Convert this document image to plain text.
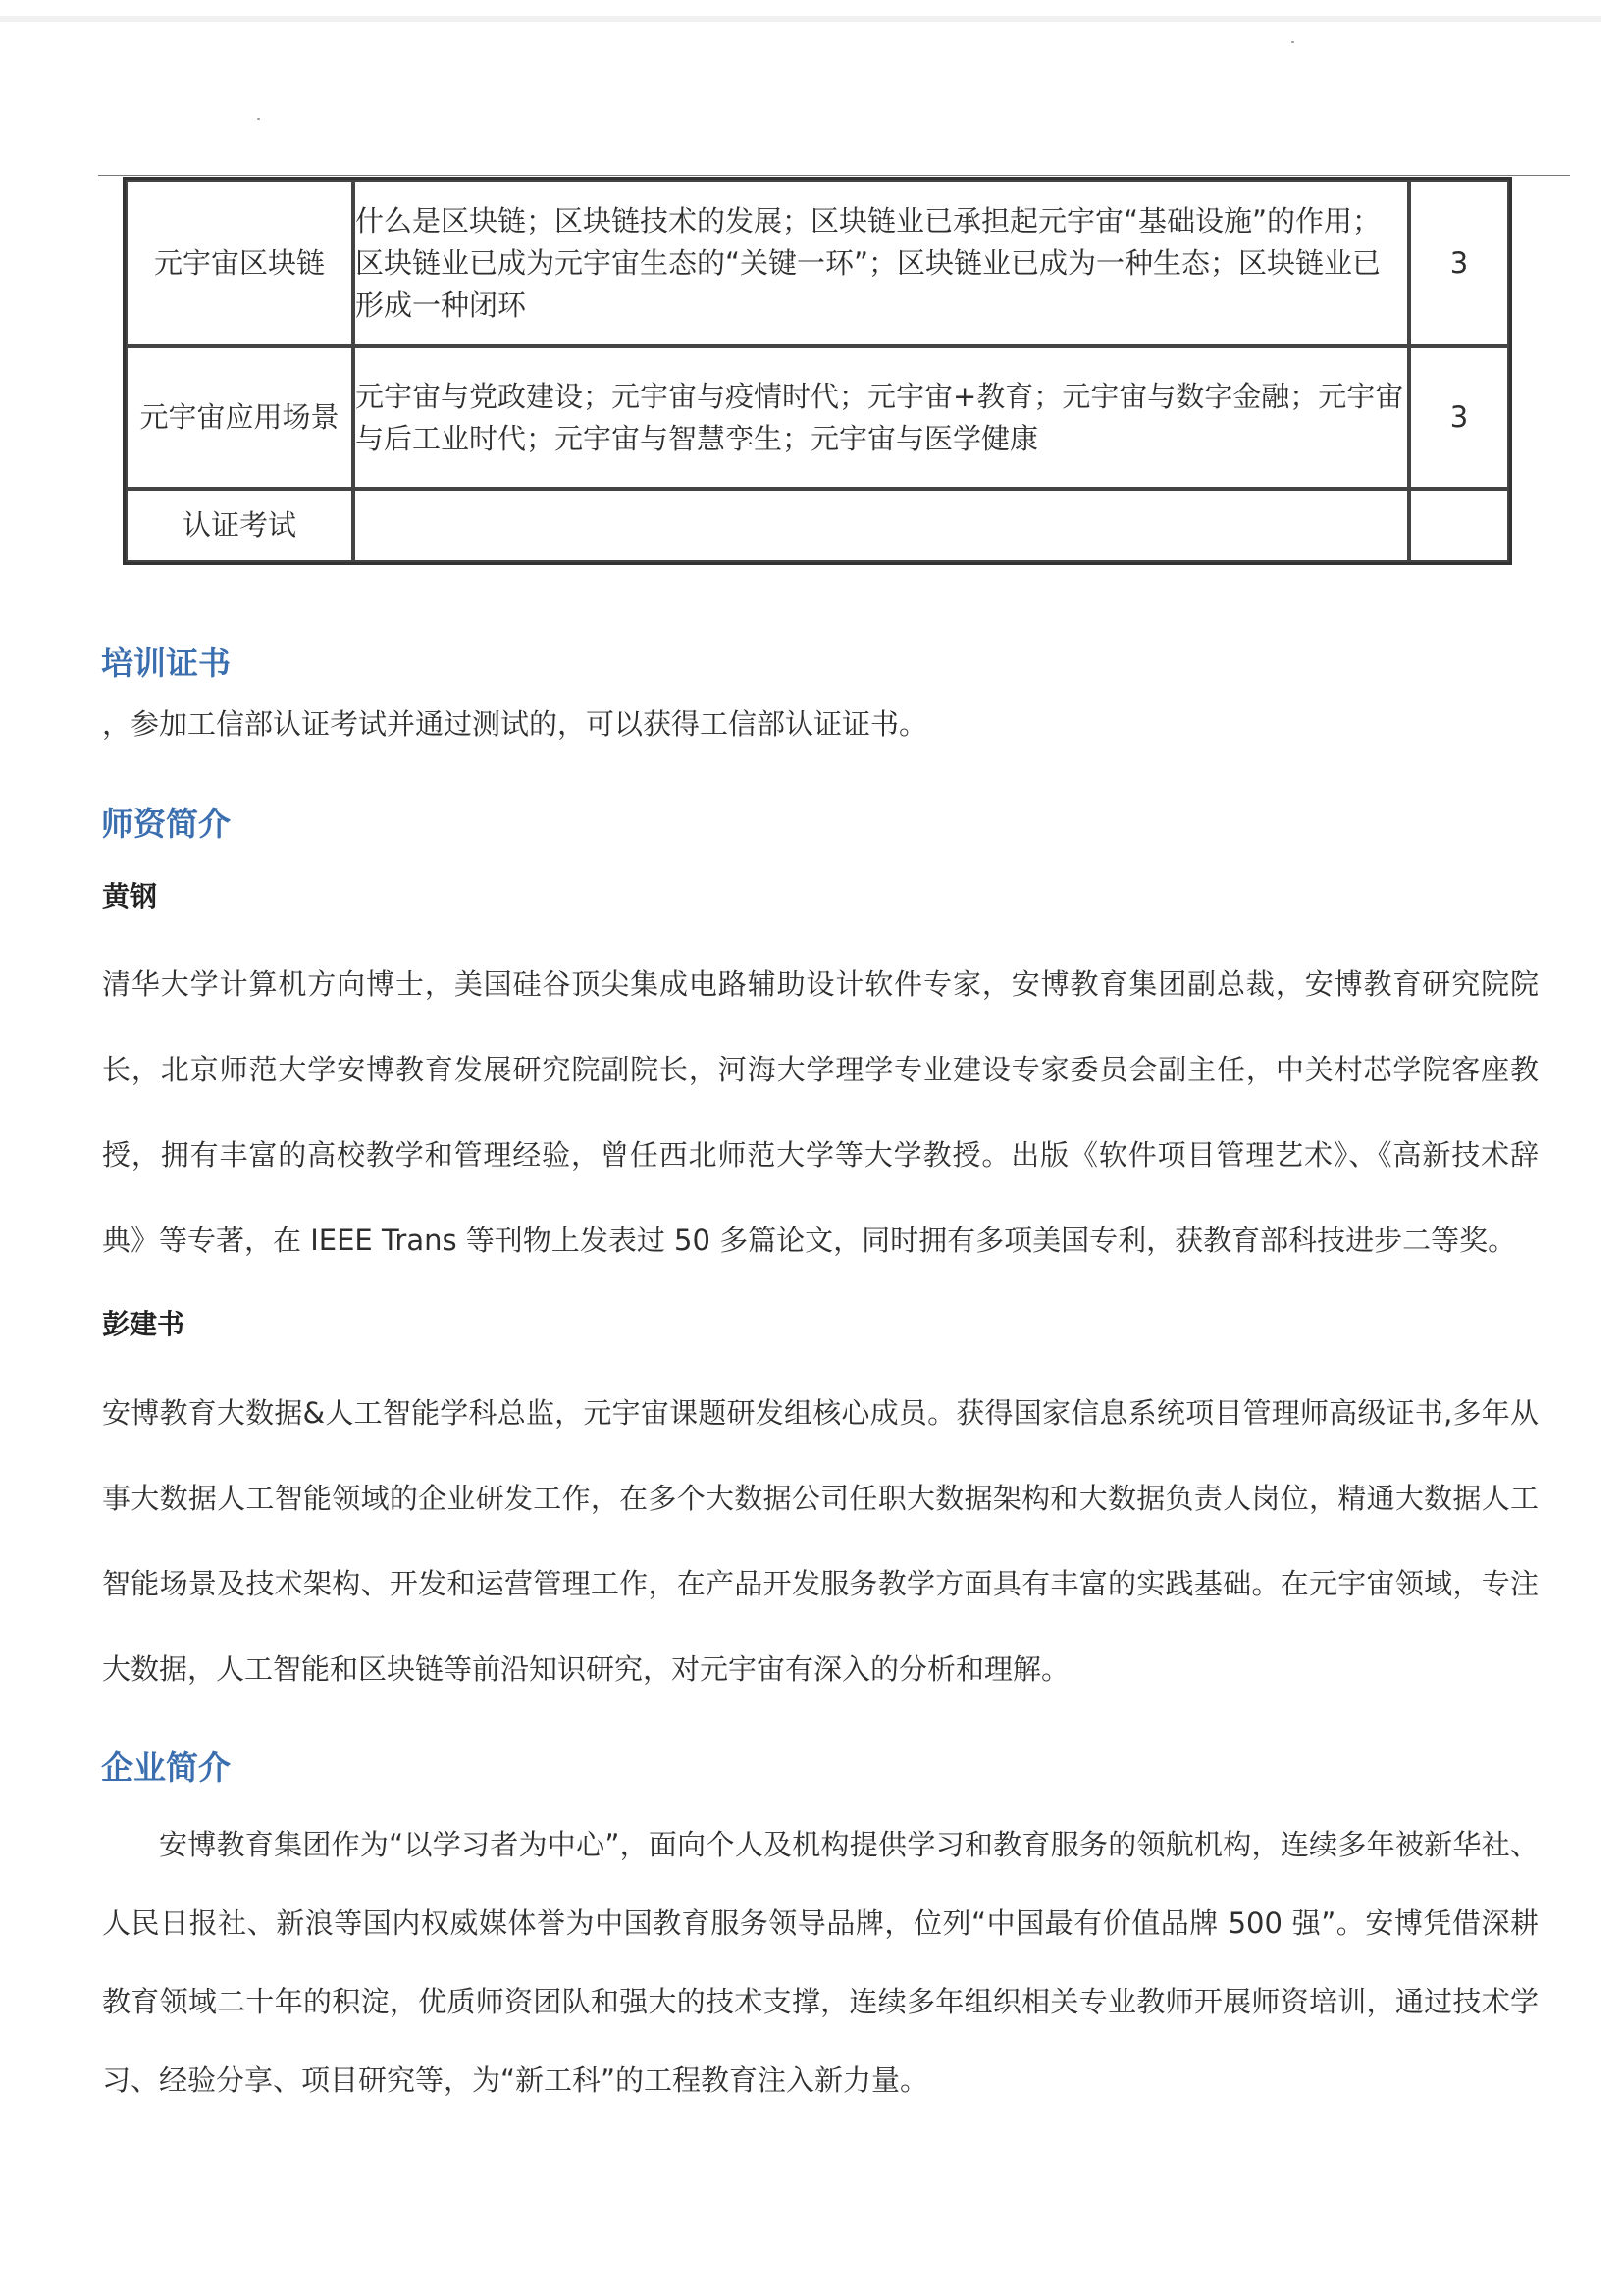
元宇宙区块链	什么是区块链；区块链技术的发展；区块链业已承担起元宇宙“基础设施”的作用；区块链业已成为元宇宙生态的“关键一环”；区块链业已成为一种生态；区块链业已形成一种闭环	3
元宇宙应用场景	元宇宙与党政建设；元宇宙与疫情时代；元宇宙+教育；元宇宙与数字金融；元宇宙与后工业时代；元宇宙与智慧孪生；元宇宙与医学健康	3
认证考试		
培训证书

，参加工信部认证考试并通过测试的，可以获得工信部认证证书。

师资简介
黄钢

清华大学计算机方向博士，美国硅谷顶尖集成电路辅助设计软件专家，安博教育集团副总裁，安博教育研究院院长，北京师范大学安博教育发展研究院副院长，河海大学理学专业建设专家委员会副主任，中关村芯学院客座教授，拥有丰富的高校教学和管理经验，曾任西北师范大学等大学教授。出版《软件项目管理艺术》、《高新技术辞典》等专著，在 IEEE Trans 等刊物上发表过 50 多篇论文，同时拥有多项美国专利，获教育部科技进步二等奖。

彭建书

安博教育大数据&人工智能学科总监，元宇宙课题研发组核心成员。获得国家信息系统项目管理师高级证书,多年从事大数据人工智能领域的企业研发工作，在多个大数据公司任职大数据架构和大数据负责人岗位，精通大数据人工智能场景及技术架构、开发和运营管理工作，在产品开发服务教学方面具有丰富的实践基础。在元宇宙领域，专注大数据，人工智能和区块链等前沿知识研究，对元宇宙有深入的分析和理解。

企业简介

安博教育集团作为“以学习者为中心”，面向个人及机构提供学习和教育服务的领航机构，连续多年被新华社、人民日报社、新浪等国内权威媒体誉为中国教育服务领导品牌，位列“中国最有价值品牌 500 强”。安博凭借深耕教育领域二十年的积淀，优质师资团队和强大的技术支撑，连续多年组织相关专业教师开展师资培训，通过技术学习、经验分享、项目研究等，为“新工科”的工程教育注入新力量。
